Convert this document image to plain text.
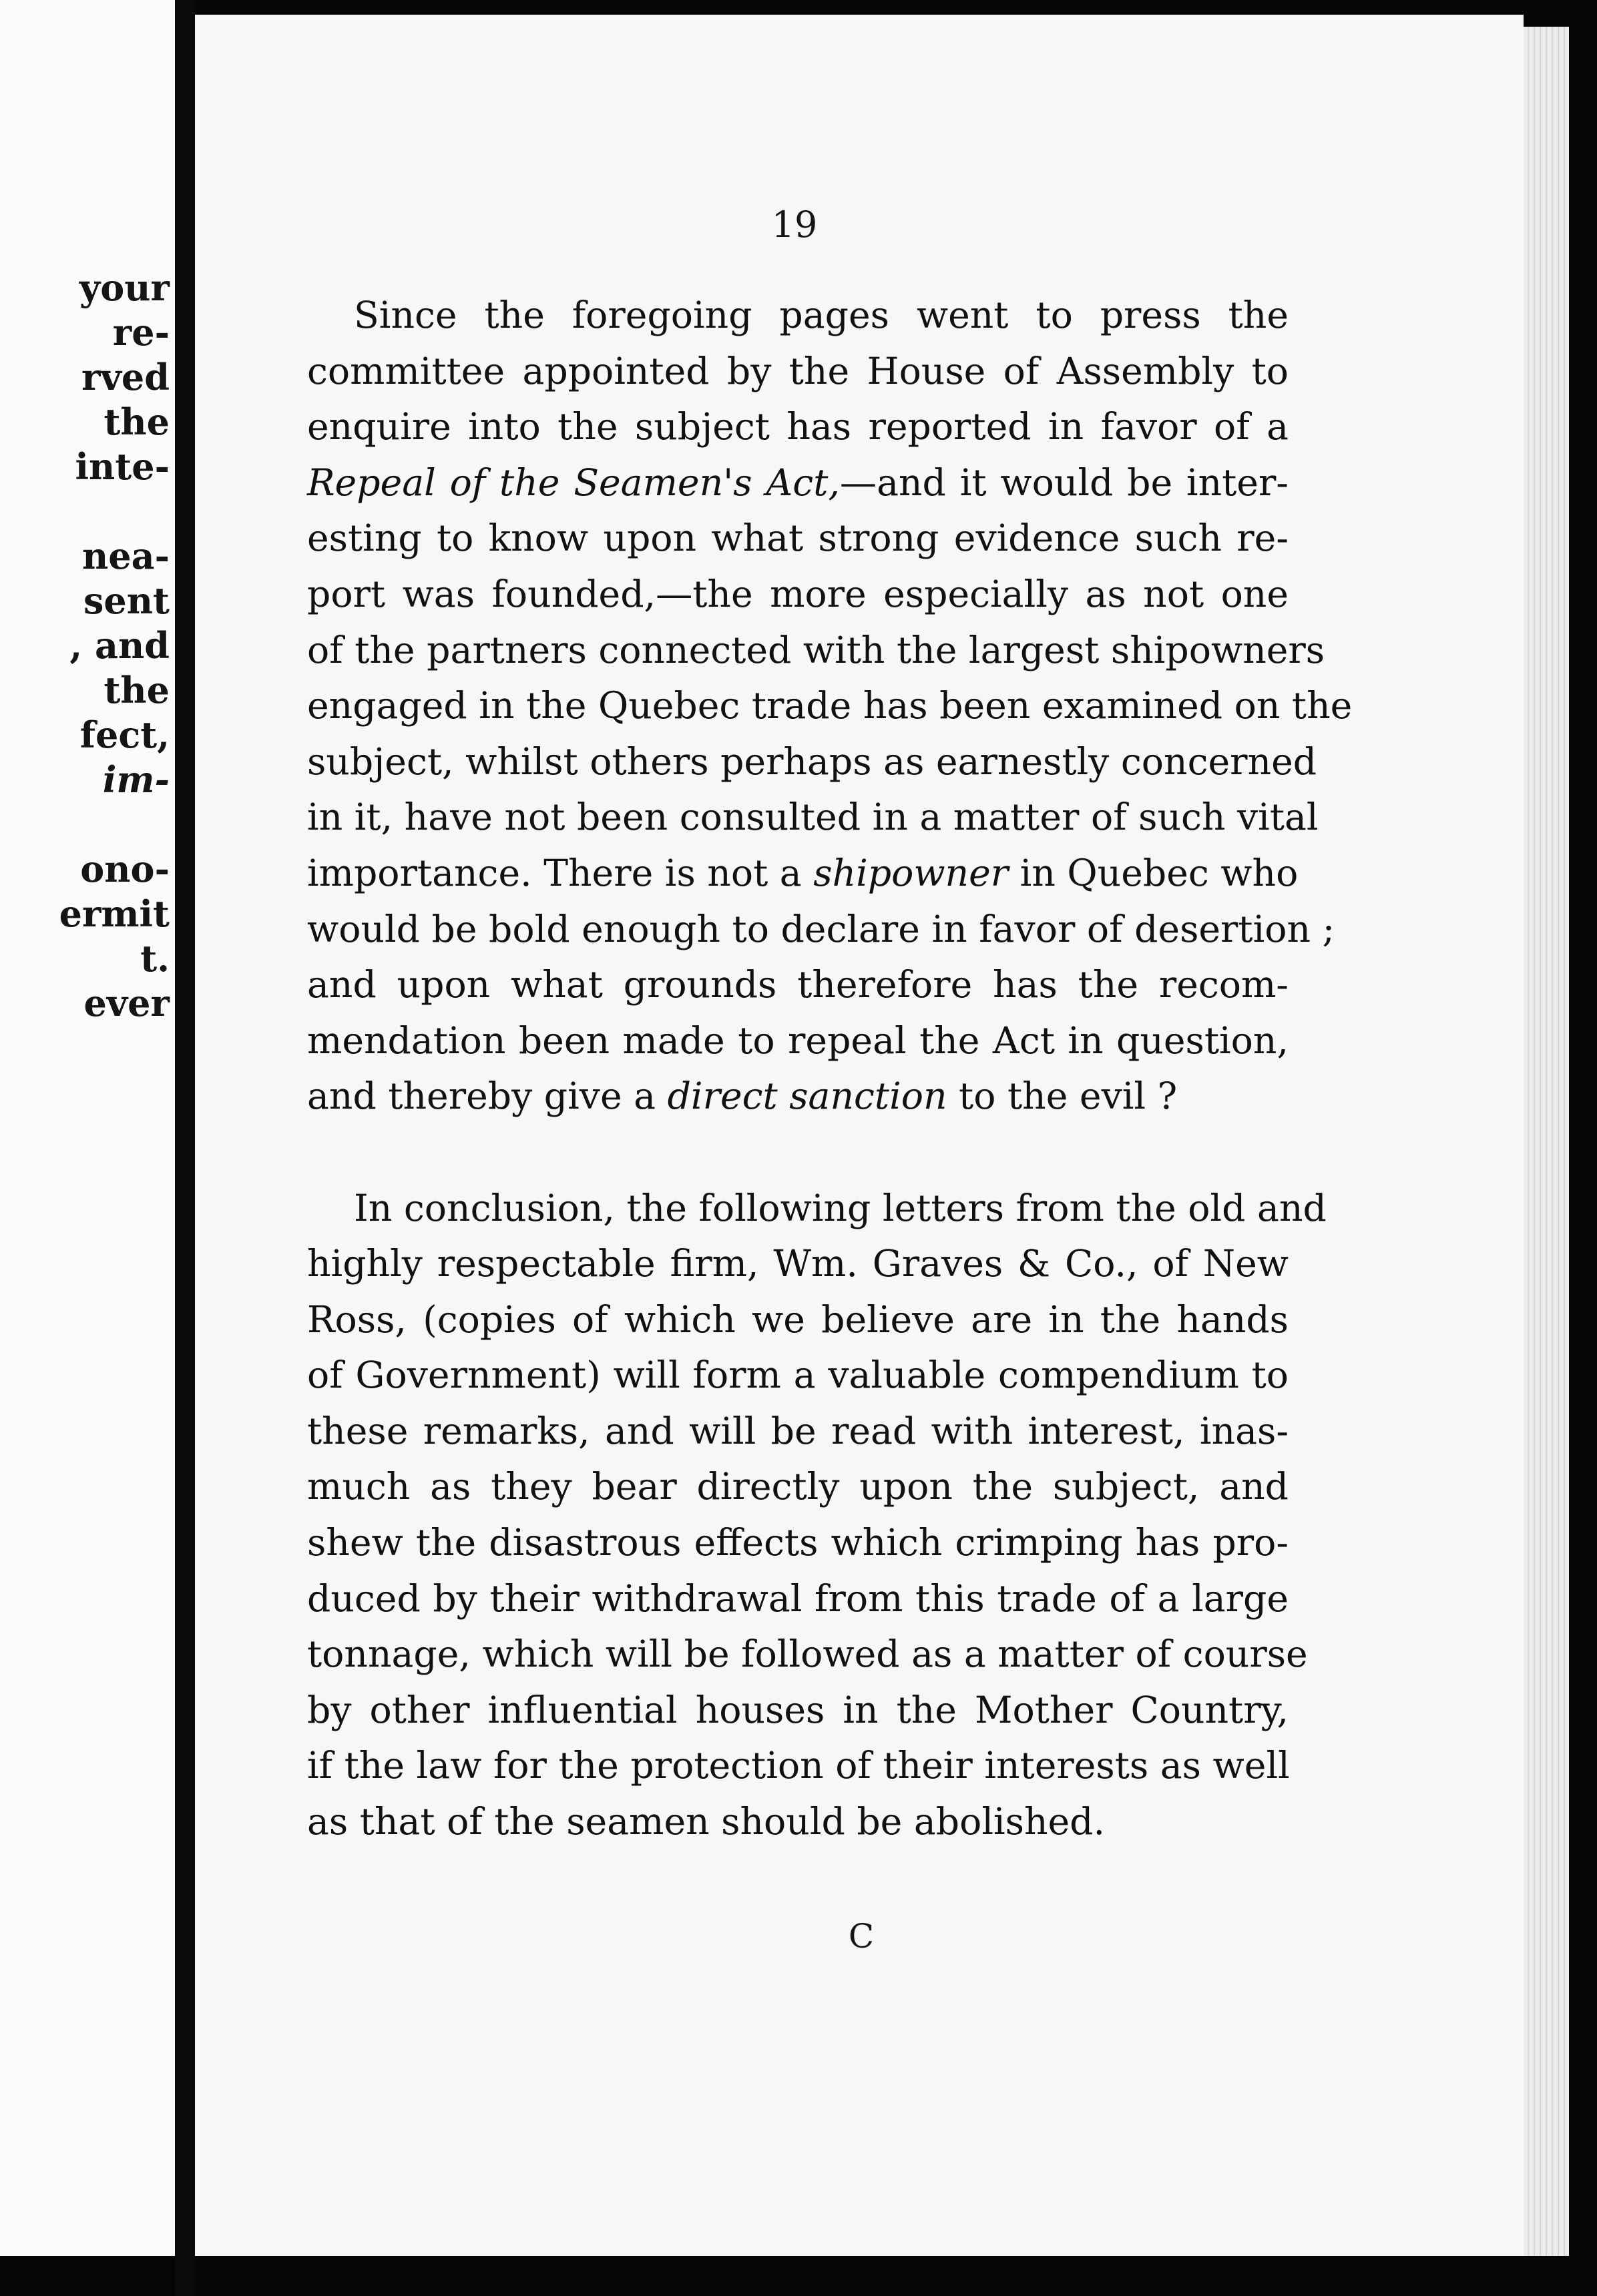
your
re-
rved
the
inte-
nea-
sent
, and
the
fect,
im-
ono-
ermit
t.
ever
19
Since the foregoing pages went to press the
committee appointed by the House of Assembly to
enquire into the subject has reported in favor of a
Repeal of the Seamen's Act,—and it would be inter-
esting to know upon what strong evidence such re-
port was founded,—the more especially as not one
of the partners connected with the largest shipowners
engaged in the Quebec trade has been examined on the
subject, whilst others perhaps as earnestly concerned
in it, have not been consulted in a matter of such vital
importance. There is not a shipowner in Quebec who
would be bold enough to declare in favor of desertion ;
and upon what grounds therefore has the recom-
mendation been made to repeal the Act in question,
and thereby give a direct sanction to the evil ?
In conclusion, the following letters from the old and
highly respectable firm, Wm. Graves & Co., of New
Ross, (copies of which we believe are in the hands
of Government) will form a valuable compendium to
these remarks, and will be read with interest, inas-
much as they bear directly upon the subject, and
shew the disastrous effects which crimping has pro-
duced by their withdrawal from this trade of a large
tonnage, which will be followed as a matter of course
by other influential houses in the Mother Country,
if the law for the protection of their interests as well
as that of the seamen should be abolished.
C
